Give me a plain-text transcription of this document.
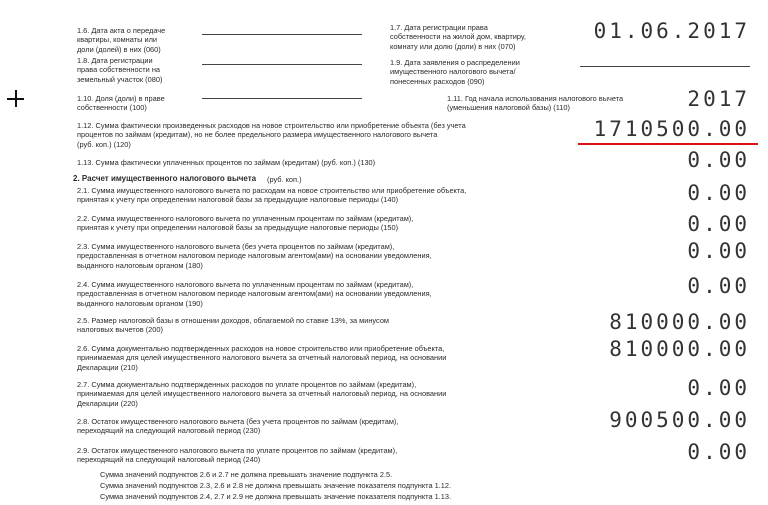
1.6. Дата акта о передаче
квартиры, комнаты или
доли (долей) в них (060)
1.7. Дата регистрации права
собственности на жилой дом, квартиру,
комнату или долю (доли) в них (070)
01.06.2017
1.8. Дата регистрации
права собственности на
земельный участок (080)
1.9. Дата заявления о распределении
имущественного налогового вычета/
понесенных расходов (090)
1.10. Доля (доли) в праве
собственности (100)
1.11. Год начала использования налогового вычета
(уменьшения налоговой базы) (110)	2017
1.12. Сумма фактически произведенных расходов на новое строительство или приобретение объекта (без учета
процентов по займам (кредитам), но не более предельного размера имущественного налогового вычета
(руб. коп.) (120)
1710500.00
1.13. Сумма фактически уплаченных процентов по займам (кредитам) (руб. коп.) (130)	0.00
2. Расчет имущественного налогового вычета (руб. коп.)
2.1. Сумма имущественного налогового вычета по расходам на новое строительство или приобретение объекта,
принятая к учету при определении налоговой базы за предыдущие налоговые периоды (140)	0.00
2.2. Сумма имущественного налогового вычета по уплаченным процентам по займам (кредитам),
принятая к учету при определении налоговой базы за предыдущие налоговые периоды (150)	0.00
2.3. Сумма имущественного налогового вычета (без учета процентов по займам (кредитам),
предоставленная в отчетном налоговом периоде налоговым агентом(ами) на основании уведомления,
выданного налоговым органом (180)
0.00
2.4. Сумма имущественного налогового вычета по уплаченным процентам по займам (кредитам),
предоставленная в отчетном налоговом периоде налоговым агентом(ами) на основании уведомления,
выданного налоговым органом (190)
0.00
2.5. Размер налоговой базы в отношении доходов, облагаемой по ставке 13%, за минусом
налоговых вычетов (200)	810000.00
2.6. Сумма документально подтвержденных расходов на новое строительство или приобретение объекта,
принимаемая для целей имущественного налогового вычета за отчетный налоговый период, на основании
Декларации (210)
810000.00
2.7. Сумма документально подтвержденных расходов по уплате процентов по займам (кредитам),
принимаемая для целей имущественного налогового вычета за отчетный налоговый период, на основании
Декларации (220)
0.00
2.8. Остаток имущественного налогового вычета (без учета процентов по займам (кредитам),
переходящий на следующий налоговый период (230)	900500.00
2.9. Остаток имущественного налогового вычета по уплате процентов по займам (кредитам),
переходящий на следующий налоговый период (240)	0.00
Сумма значений подпунктов 2.6 и 2.7 не должна превышать значение подпункта 2.5.
Сумма значений подпунктов 2.3, 2.6 и 2.8 не должна превышать значение показателя подпункта 1.12.
Сумма значений подпунктов 2.4, 2.7 и 2.9 не должна превышать значение показателя подпункта 1.13.
